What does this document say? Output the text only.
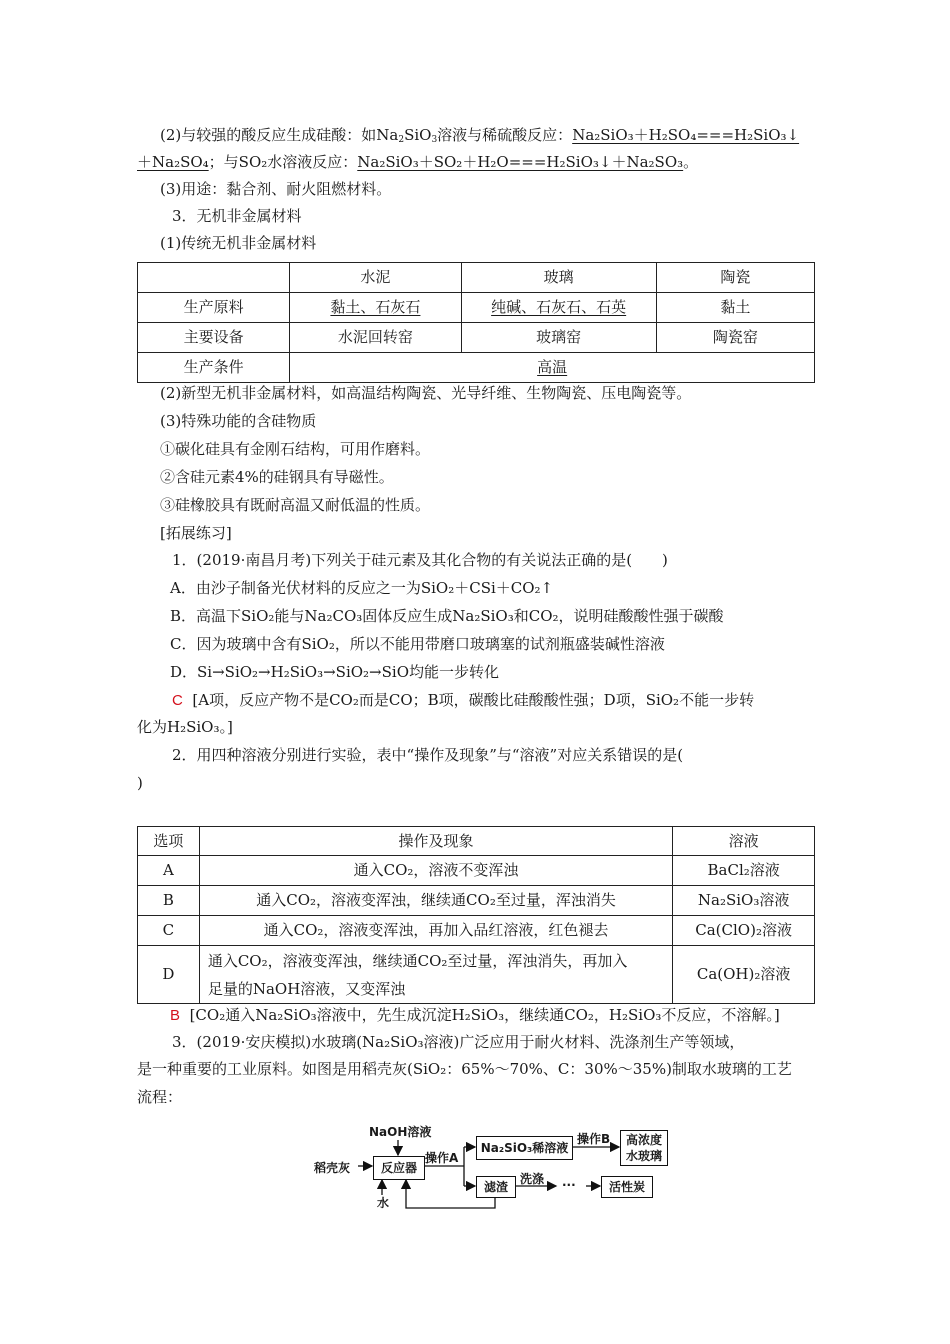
(2)与较强的酸反应生成硅酸：如$Na_2SiO_3$溶液与稀硫酸反应：Na₂SiO₃＋H₂SO₄===H₂SiO₃↓
＋Na₂SO₄；与SO₂水溶液反应：Na₂SiO₃＋SO₂＋H₂O===H₂SiO₃↓＋Na₂SO₃。
(3)用途：黏合剂、耐火阻燃材料。
3．无机非金属材料
(1)传统无机非金属材料
	水泥	玻璃	陶瓷
生产原料	黏土、石灰石	纯碱、石灰石、石英	黏土
主要设备	水泥回转窑	玻璃窑	陶瓷窑
生产条件	高温		
(2)新型无机非金属材料，如高温结构陶瓷、光导纤维、生物陶瓷、压电陶瓷等。
(3)特殊功能的含硅物质
①碳化硅具有金刚石结构，可用作磨料。
②含硅元素4%的硅钢具有导磁性。
③硅橡胶具有既耐高温又耐低温的性质。
[拓展练习]
1．(2019·南昌月考)下列关于硅元素及其化合物的有关说法正确的是(　　)
A．由沙子制备光伏材料的反应之一为SiO₂＋CSi＋CO₂↑
B．高温下SiO₂能与Na₂CO₃固体反应生成Na₂SiO₃和CO₂，说明硅酸酸性强于碳酸
C．因为玻璃中含有SiO₂，所以不能用带磨口玻璃塞的试剂瓶盛装碱性溶液
D．Si→SiO₂→H₂SiO₃→SiO₂→SiO均能一步转化
C [A项，反应产物不是CO₂而是CO；B项，碳酸比硅酸酸性强；D项，SiO₂不能一步转
化为H₂SiO₃。]
2．用四种溶液分别进行实验，表中“操作及现象”与“溶液”对应关系错误的是(
)
选项	操作及现象	溶液
A	通入CO₂，溶液不变浑浊	BaCl₂溶液
B	通入CO₂，溶液变浑浊，继续通CO₂至过量，浑浊消失	Na₂SiO₃溶液
C	通入CO₂，溶液变浑浊，再加入品红溶液，红色褪去	Ca(ClO)₂溶液
D	通入CO₂，溶液变浑浊，继续通CO₂至过量，浑浊消失，再加入
足量的NaOH溶液，又变浑浊	Ca(OH)₂溶液
B [CO₂通入Na₂SiO₃溶液中，先生成沉淀H₂SiO₃，继续通CO₂，H₂SiO₃不反应，不溶解。]
3．(2019·安庆模拟)水玻璃(Na₂SiO₃溶液)广泛应用于耐火材料、洗涤剂生产等领域，
是一种重要的工业原料。如图是用稻壳灰(SiO₂：65%～70%、C：30%～35%)制取水玻璃的工艺
流程：
NaOH溶液
稻壳灰	反应器
水
操作A
Na₂SiO₃稀溶液
操作B 高浓度
水玻璃
滤渣
洗涤 ···	活性炭
